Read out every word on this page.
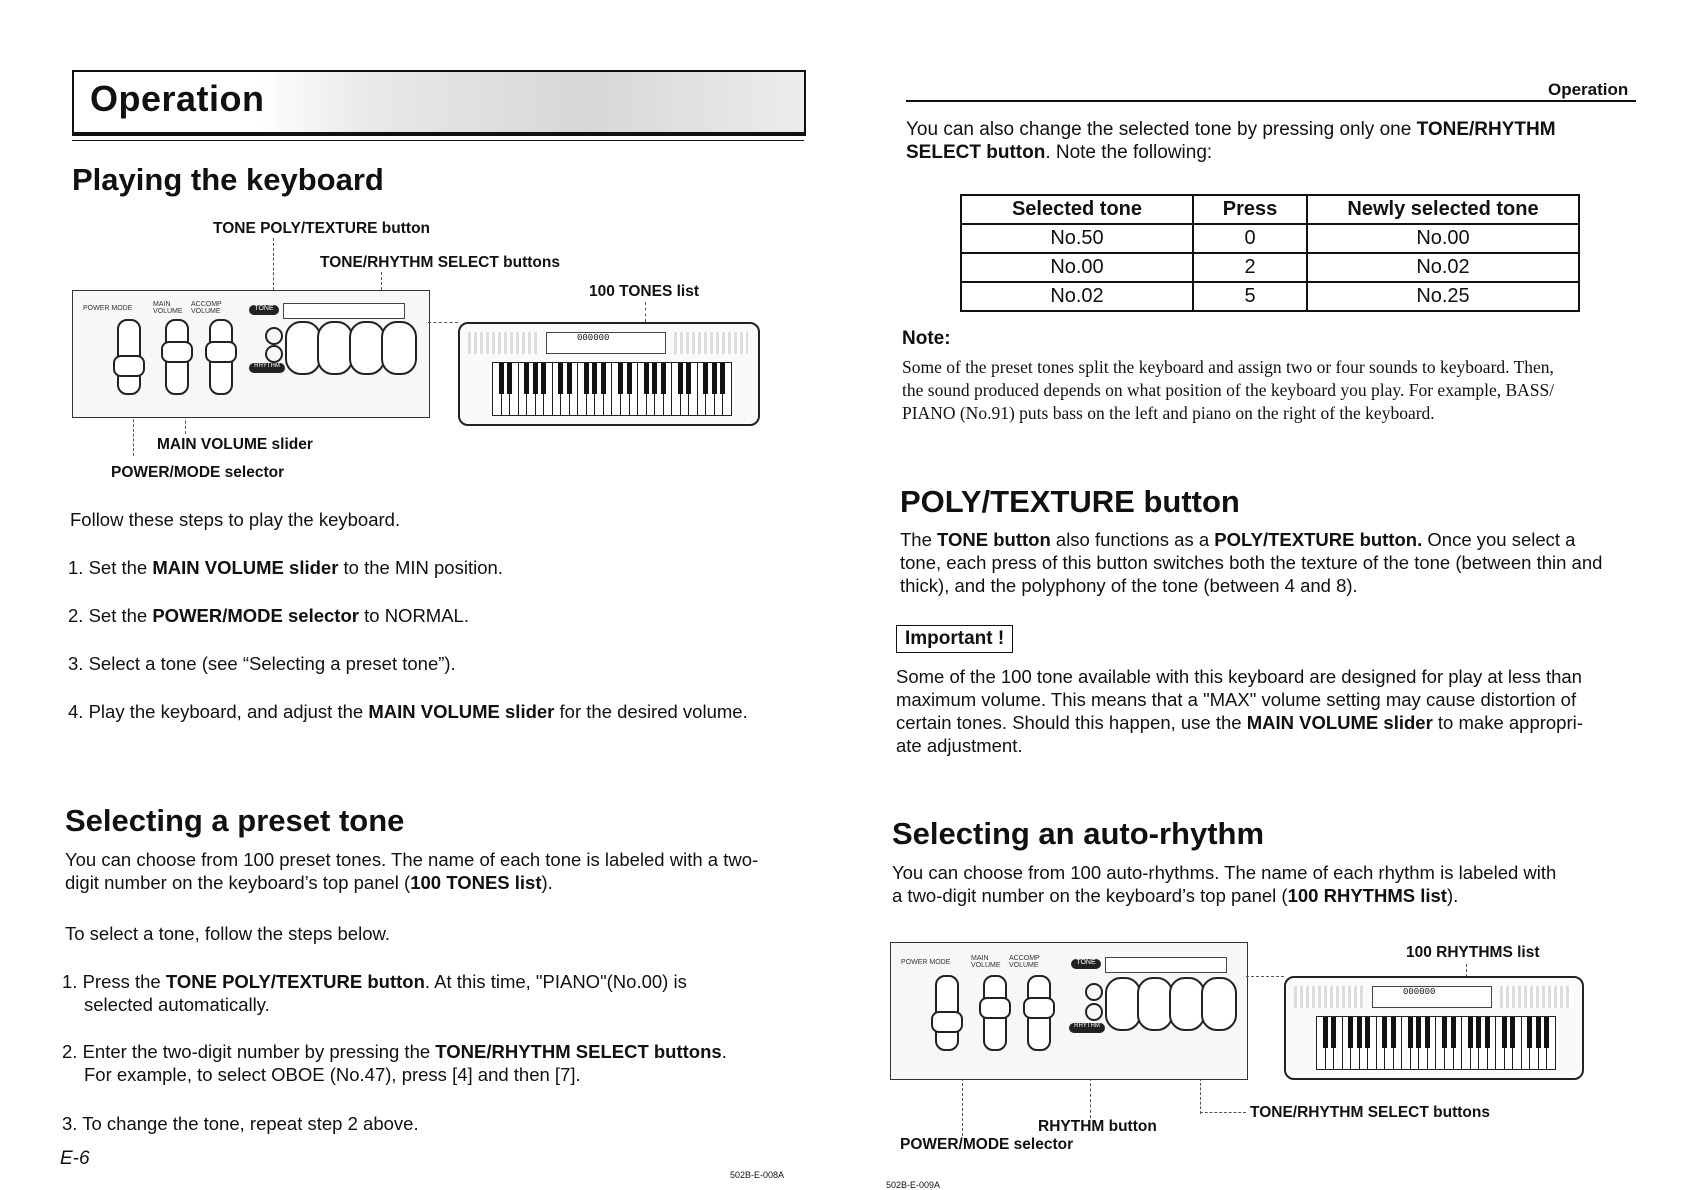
Operation
Playing the keyboard
TONE POLY/TEXTURE button
TONE/RHYTHM SELECT buttons
100 TONES list
MAIN VOLUME slider
POWER/MODE selector
POWER MODE
MAIN VOLUME
ACCOMP VOLUME	TONE
RHYTHM
000000
Follow these steps to play the keyboard.
1. Set the MAIN VOLUME slider to the MIN position.
2. Set the POWER/MODE selector to NORMAL.
3. Select a tone (see “Selecting a preset tone”).
4. Play the keyboard, and adjust the MAIN VOLUME slider for the desired volume.
Selecting a preset tone
You can choose from 100 preset tones. The name of each tone is labeled with a two-
digit number on the keyboard’s top panel (100 TONES list).
To select a tone, follow the steps below.
1. Press the TONE POLY/TEXTURE button. At this time, "PIANO"(No.00) is
selected automatically.
2. Enter the two-digit number by pressing the TONE/RHYTHM SELECT buttons.
For example, to select OBOE (No.47), press [4] and then [7].
3. To change the tone, repeat step 2 above.
E-6
502B-E-008A
Operation
You can also change the selected tone by pressing only one TONE/RHYTHM
SELECT button. Note the following:
Selected tone	Press	Newly selected tone
No.50	0	No.00
No.00	2	No.02
No.02	5	No.25
Note:
Some of the preset tones split the keyboard and assign two or four sounds to keyboard. Then,
the sound produced depends on what position of the keyboard you play. For example, BASS/
PIANO (No.91) puts bass on the left and piano on the right of the keyboard.
POLY/TEXTURE button
The TONE button also functions as a POLY/TEXTURE button. Once you select a
tone, each press of this button switches both the texture of the tone (between thin and
thick), and the polyphony of the tone (between 4 and 8).
Important !
Some of the 100 tone available with this keyboard are designed for play at less than
maximum volume. This means that a "MAX" volume setting may cause distortion of
certain tones. Should this happen, use the MAIN VOLUME slider to make appropri-
ate adjustment.
Selecting an auto-rhythm
You can choose from 100 auto-rhythms. The name of each rhythm is labeled with
a two-digit number on the keyboard’s top panel (100 RHYTHMS list).
100 RHYTHMS list
TONE/RHYTHM SELECT buttons
RHYTHM button
POWER/MODE selector
POWER MODE
MAIN VOLUME
ACCOMP VOLUME	TONE
RHYTHM
000000
502B-E-009A
